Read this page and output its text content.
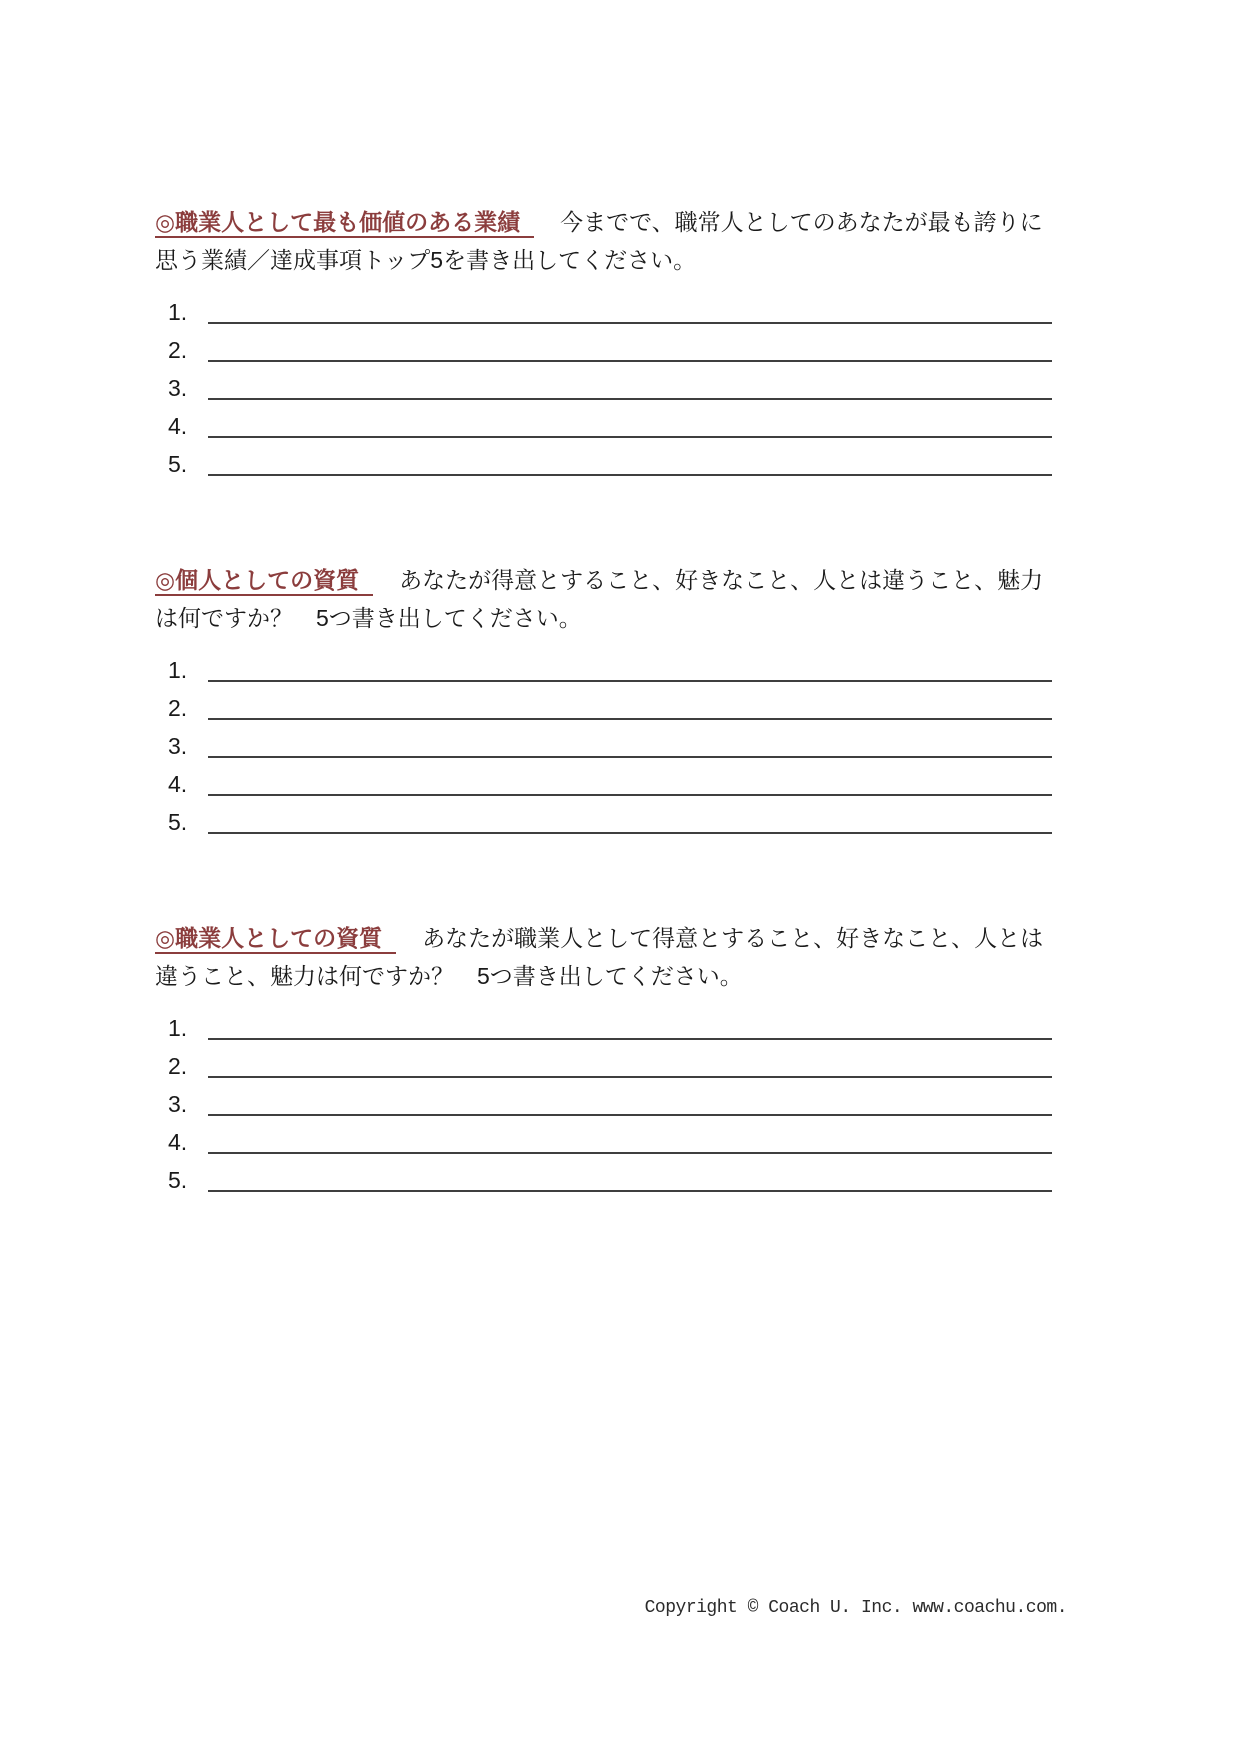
◎職業人として最も価値のある業績 今までで、職常人としてのあなたが最も誇りに思う業績／達成事項トップ5を書き出してください。

1.
2.
3.
4.
5.

◎個人としての資質 あなたが得意とすること、好きなこと、人とは違うこと、魅力は何ですか？　5つ書き出してください。

1.
2.
3.
4.
5.

◎職業人としての資質 あなたが職業人として得意とすること、好きなこと、人とは違うこと、魅力は何ですか？　5つ書き出してください。

1.
2.
3.
4.
5.
Copyright © Coach U. Inc. www.coachu.com.
